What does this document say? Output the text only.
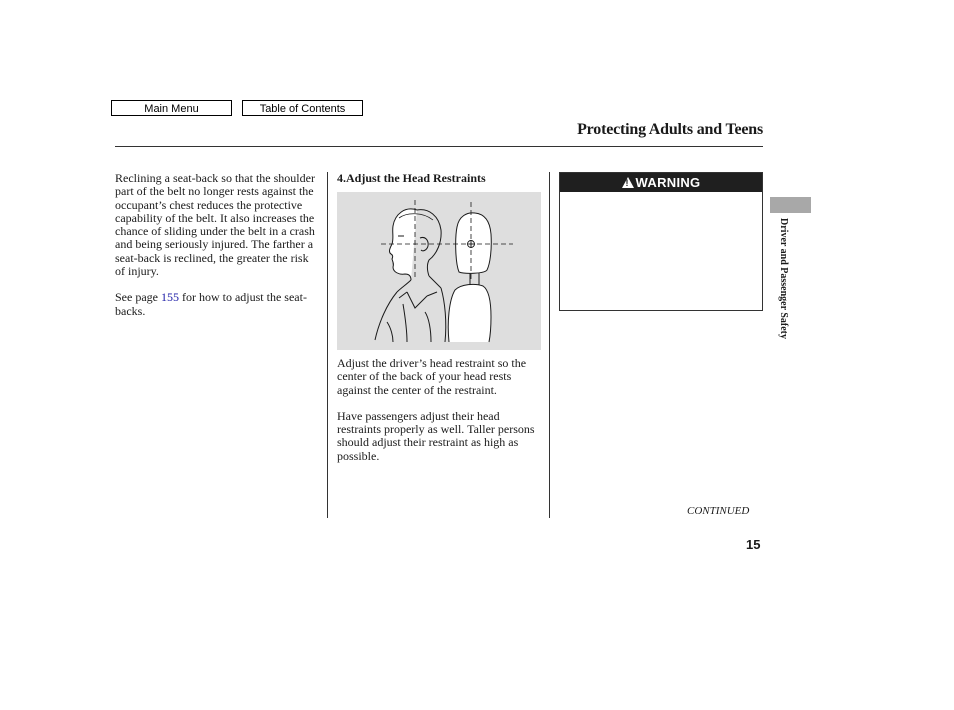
Main Menu	Table of Contents
Protecting Adults and Teens

Reclining a seat-back so that the shoulder part of the belt no longer rests against the occupant’s chest reduces the protective capability of the belt. It also increases the chance of sliding under the belt in a crash and being seriously injured. The farther a seat-back is reclined, the greater the risk of injury.

See page 155 for how to adjust the seat-backs.

4.Adjust the Head Restraints

Adjust the driver’s head restraint so the center of the back of your head rests against the center of the restraint.

Have passengers adjust their head restraints properly as well. Taller persons should adjust their restraint as high as possible.

!WARNING
Driver and Passenger Safety
CONTINUED
15
